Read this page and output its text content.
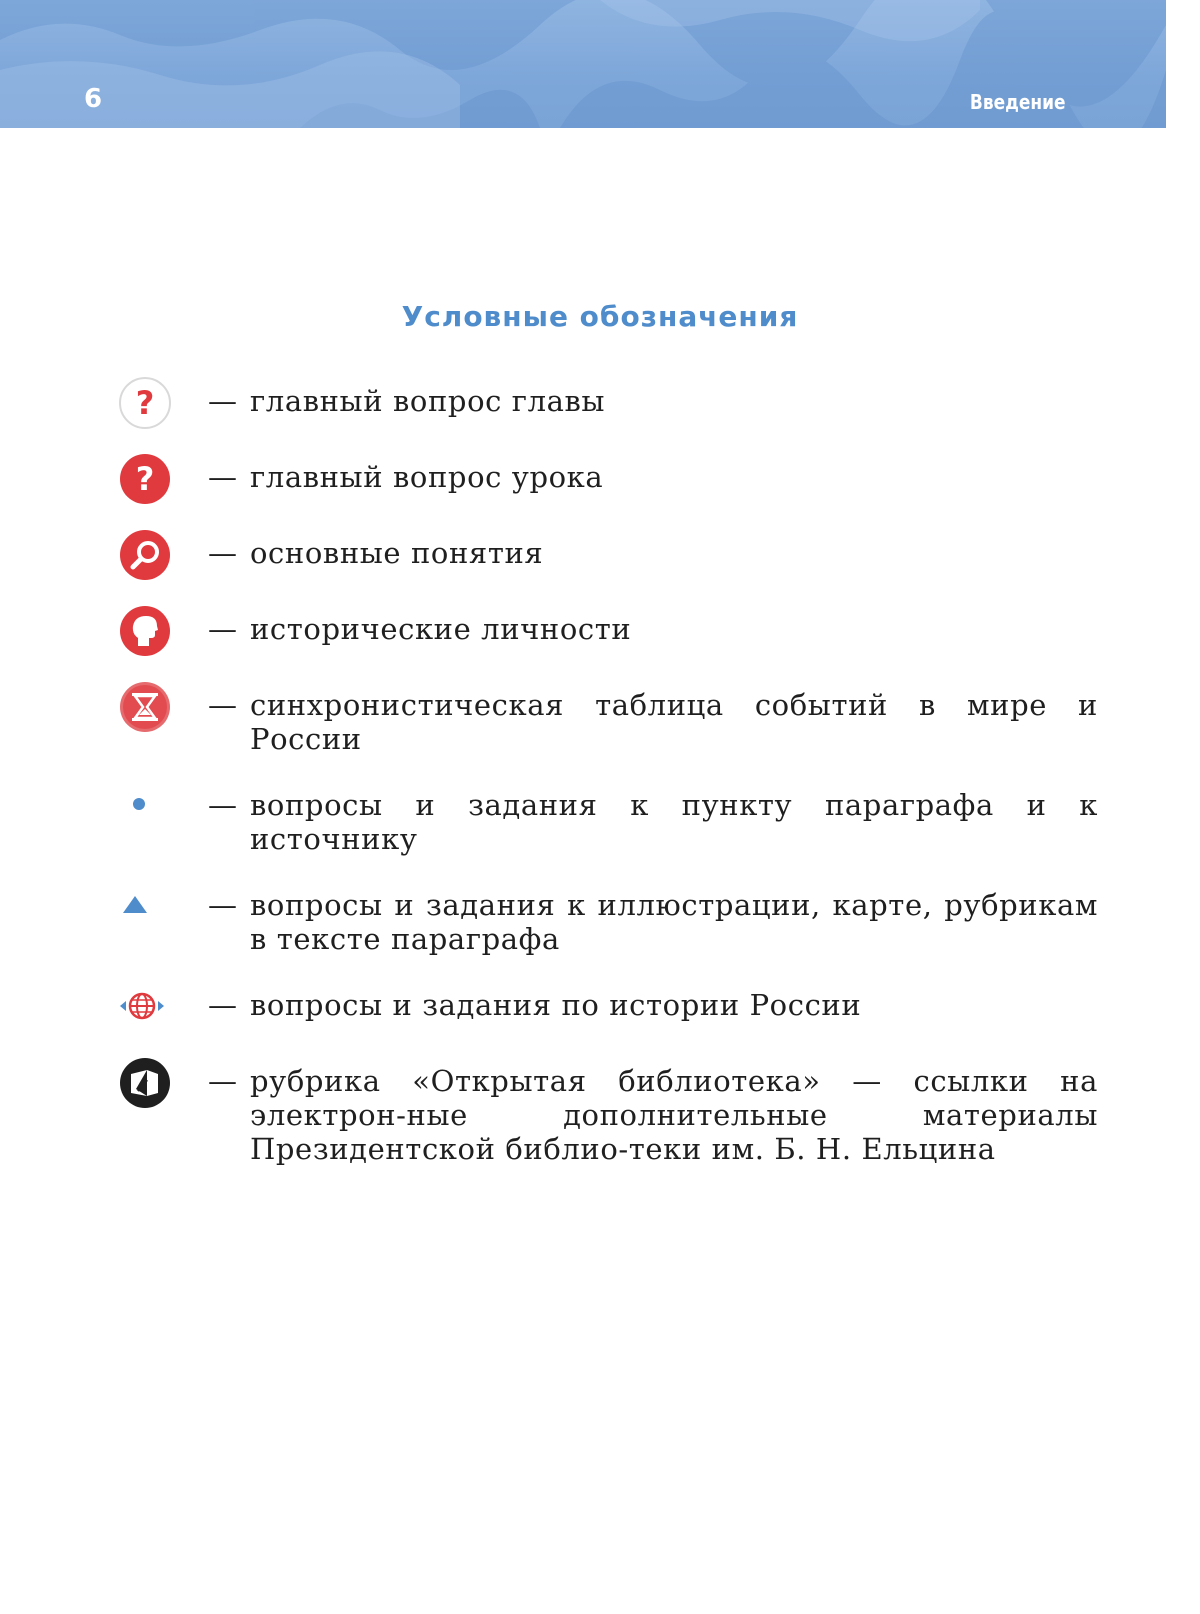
6	Введение
Условные обозначения
? — главный вопрос главы
? — главный вопрос урока
— основные понятия
— исторические личности
— синхронистическая таблица событий в мире и России
— вопросы и задания к пункту параграфа и к источнику
— вопросы и задания к иллюстрации, карте, рубрикам в тексте параграфа
— вопросы и задания по истории России
— рубрика «Открытая библиотека» — ссылки на электрон-ные дополнительные материалы Президентской библио-теки им. Б. Н. Ельцина
